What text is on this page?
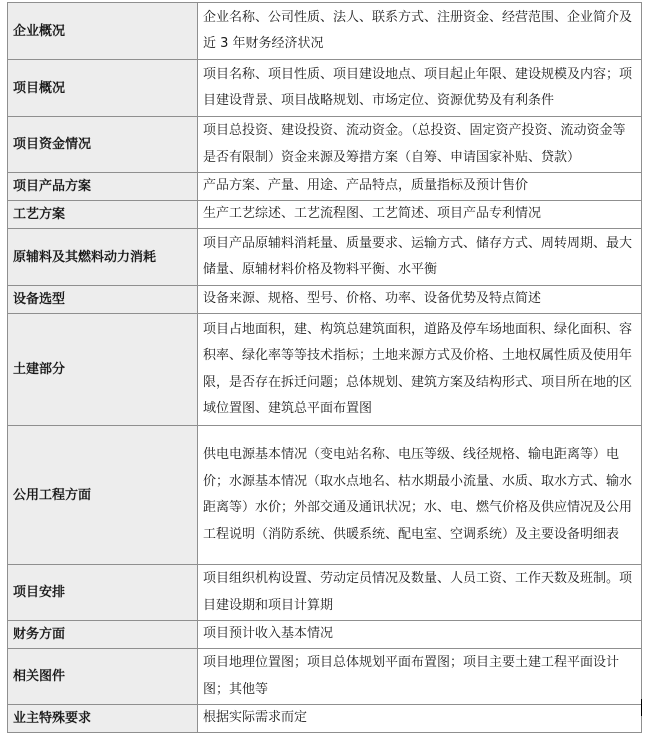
企业概况	企业名称、公司性质、法人、联系方式、注册资金、经营范围、企业简介及近 3 年财务经济状况
项目概况	项目名称、项目性质、项目建设地点、项目起止年限、建设规模及内容；项目建设背景、项目战略规划、市场定位、资源优势及有利条件
项目资金情况	项目总投资、建设投资、流动资金。（总投资、固定资产投资、流动资金等是否有限制）资金来源及筹措方案（自筹、申请国家补贴、贷款）
项目产品方案	产品方案、产量、用途、产品特点，质量指标及预计售价
工艺方案	生产工艺综述、工艺流程图、工艺简述、项目产品专利情况
原辅料及其燃料动力消耗	项目产品原辅料消耗量、质量要求、运输方式、储存方式、周转周期、最大储量、原辅材料价格及物料平衡、水平衡
设备选型	设备来源、规格、型号、价格、功率、设备优势及特点简述
土建部分	项目占地面积，建、构筑总建筑面积，道路及停车场地面积、绿化面积、容积率、绿化率等等技术指标；土地来源方式及价格、土地权属性质及使用年限，是否存在拆迁问题；总体规划、建筑方案及结构形式、项目所在地的区域位置图、建筑总平面布置图
公用工程方面	供电电源基本情况（变电站名称、电压等级、线径规格、输电距离等）电价；水源基本情况（取水点地名、枯水期最小流量、水质、取水方式、输水距离等）水价；外部交通及通讯状况；水、电、燃气价格及供应情况及公用工程说明（消防系统、供暖系统、配电室、空调系统）及主要设备明细表
项目安排	项目组织机构设置、劳动定员情况及数量、人员工资、工作天数及班制。项目建设期和项目计算期
财务方面	项目预计收入基本情况
相关图件	项目地理位置图；项目总体规划平面布置图；项目主要土建工程平面设计图；其他等
业主特殊要求	根据实际需求而定
